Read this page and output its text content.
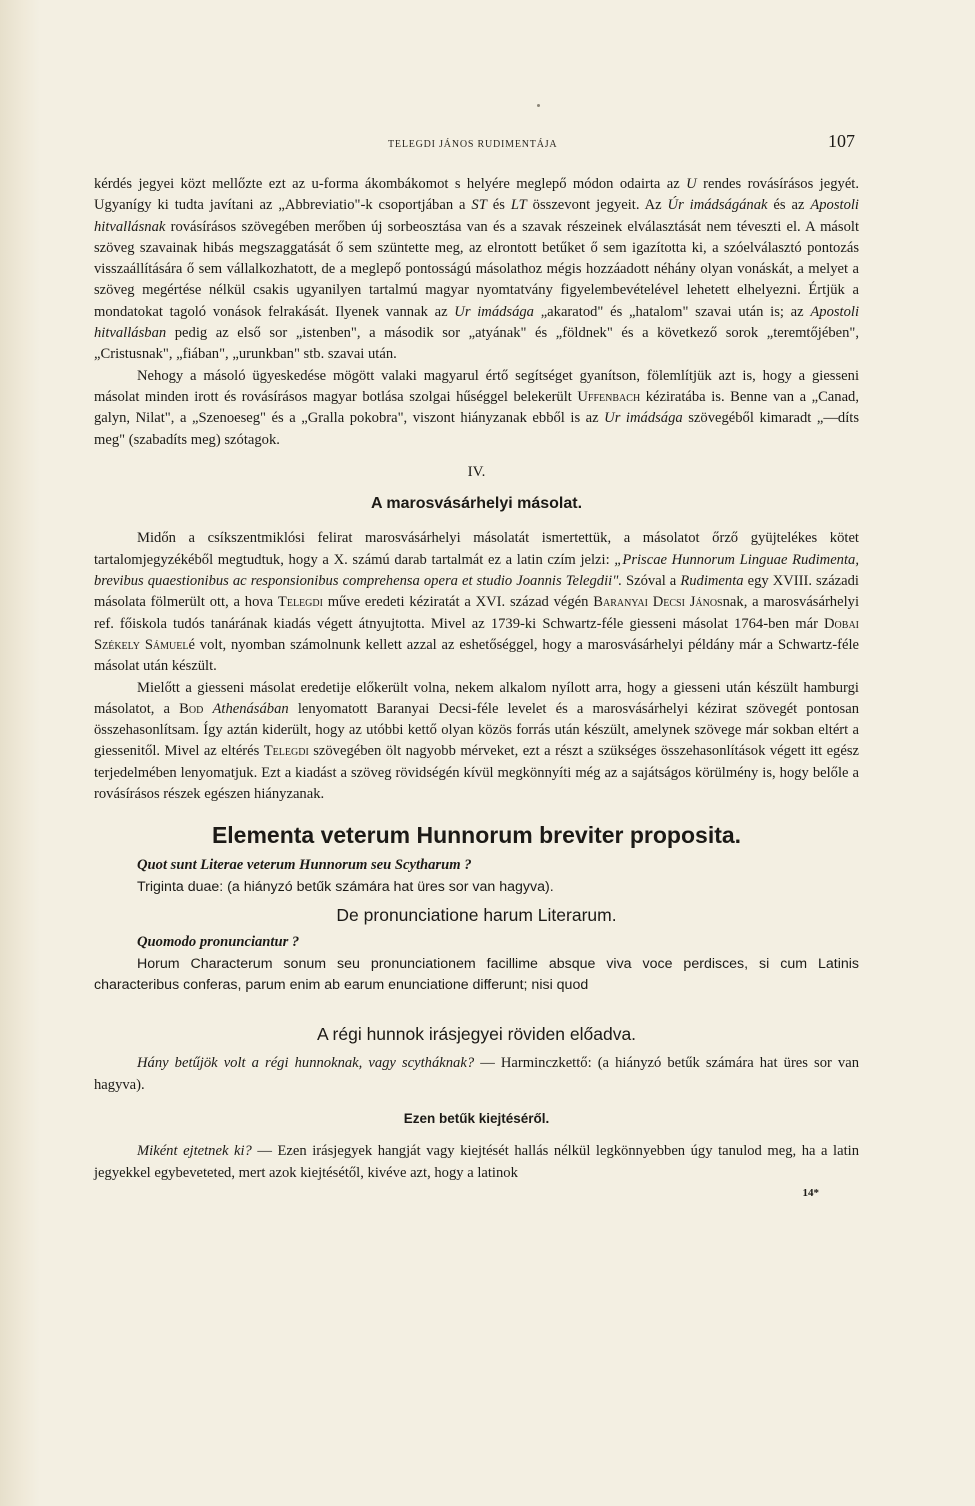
TELEGDI JÁNOS RUDIMENTÁJA	107

kérdés jegyei közt mellőzte ezt az u-forma ákombákomot s helyére meglepő módon odairta az U rendes rovásírásos jegyét. Ugyanígy ki tudta javítani az „Abbreviatio"-k csoportjában a ST és LT összevont jegyeit. Az Úr imádságának és az Apostoli hitvallásnak rovásírásos szövegében merőben új sorbeosztása van és a szavak részeinek elválasztását nem téveszti el. A másolt szöveg szavainak hibás megszaggatását ő sem szüntette meg, az elrontott betűket ő sem igazította ki, a szóelválasztó pontozás visszaállítására ő sem vállalkozhatott, de a meglepő pontosságú másolathoz mégis hozzáadott néhány olyan vonáskát, a melyet a szöveg megértése nélkül csakis ugyanilyen tartalmú magyar nyomtatvány figyelembevételével lehetett elhelyezni. Értjük a mondatokat tagoló vonások felrakását. Ilyenek vannak az Ur imádsága „akaratod" és „hatalom" szavai után is; az Apostoli hitvallásban pedig az első sor „istenben", a második sor „atyának" és „földnek" és a következő sorok „teremtőjében", „Cristusnak", „fiában", „urunkban" stb. szavai után.

Nehogy a másoló ügyeskedése mögött valaki magyarul értő segítséget gyanítson, fölemlítjük azt is, hogy a giesseni másolat minden irott és rovásírásos magyar botlása szolgai hűséggel belekerült Uffenbach kéziratába is. Benne van a „Canad, galyn, Nilat", a „Szenoeseg" és a „Gralla pokobra", viszont hiányzanak ebből is az Ur imádsága szövegéből kimaradt „—díts meg" (szabadíts meg) szótagok.

IV.
A marosvásárhelyi másolat.

Midőn a csíkszentmiklósi felirat marosvásárhelyi másolatát ismertettük, a másolatot őrző gyüjtelékes kötet tartalomjegyzékéből megtudtuk, hogy a X. számú darab tartalmát ez a latin czím jelzi: „Priscae Hunnorum Linguae Rudimenta, brevibus quaestionibus ac responsionibus comprehensa opera et studio Joannis Telegdii". Szóval a Rudimenta egy XVIII. századi másolata fölmerült ott, a hova Telegdi műve eredeti kéziratát a XVI. század végén Baranyai Decsi Jánosnak, a marosvásárhelyi ref. főiskola tudós tanárának kiadás végett átnyujtotta. Mivel az 1739-ki Schwartz-féle giesseni másolat 1764-ben már Dobai Székely Sámuelé volt, nyomban számolnunk kellett azzal az eshetőséggel, hogy a marosvásárhelyi példány már a Schwartz-féle másolat után készült.

Mielőtt a giesseni másolat eredetije előkerült volna, nekem alkalom nyílott arra, hogy a giesseni után készült hamburgi másolatot, a Bod Athenásában lenyomatott Baranyai Decsi-féle levelet és a marosvásárhelyi kézirat szövegét pontosan összehasonlítsam. Így aztán kiderült, hogy az utóbbi kettő olyan közös forrás után készült, amelynek szövege már sokban eltért a giessenitől. Mivel az eltérés Telegdi szövegében ölt nagyobb mérveket, ezt a részt a szükséges összehasonlítások végett itt egész terjedelmében lenyomatjuk. Ezt a kiadást a szöveg rövidségén kívül megkönnyíti még az a sajátságos körülmény is, hogy belőle a rovásírásos részek egészen hiányzanak.

Elementa veterum Hunnorum breviter proposita.
Quot sunt Literae veterum Hunnorum seu Scytharum ?

Triginta duae: (a hiányzó betűk számára hat üres sor van hagyva).

De pronunciatione harum Literarum.
Quomodo pronunciantur ?

Horum Characterum sonum seu pronunciationem facillime absque viva voce perdisces, si cum Latinis characteribus conferas, parum enim ab earum enunciatione differunt; nisi quod

A régi hunnok irásjegyei röviden előadva.

Hány betűjök volt a régi hunnoknak, vagy scytháknak? — Harminczkettő: (a hiányzó betűk számára hat üres sor van hagyva).

Ezen betűk kiejtéséről.

Miként ejtetnek ki? — Ezen irásjegyek hangját vagy kiejtését hallás nélkül legkönnyebben úgy tanulod meg, ha a latin jegyekkel egybeveteted, mert azok kiejtésétől, kivéve azt, hogy a latinok

14*
